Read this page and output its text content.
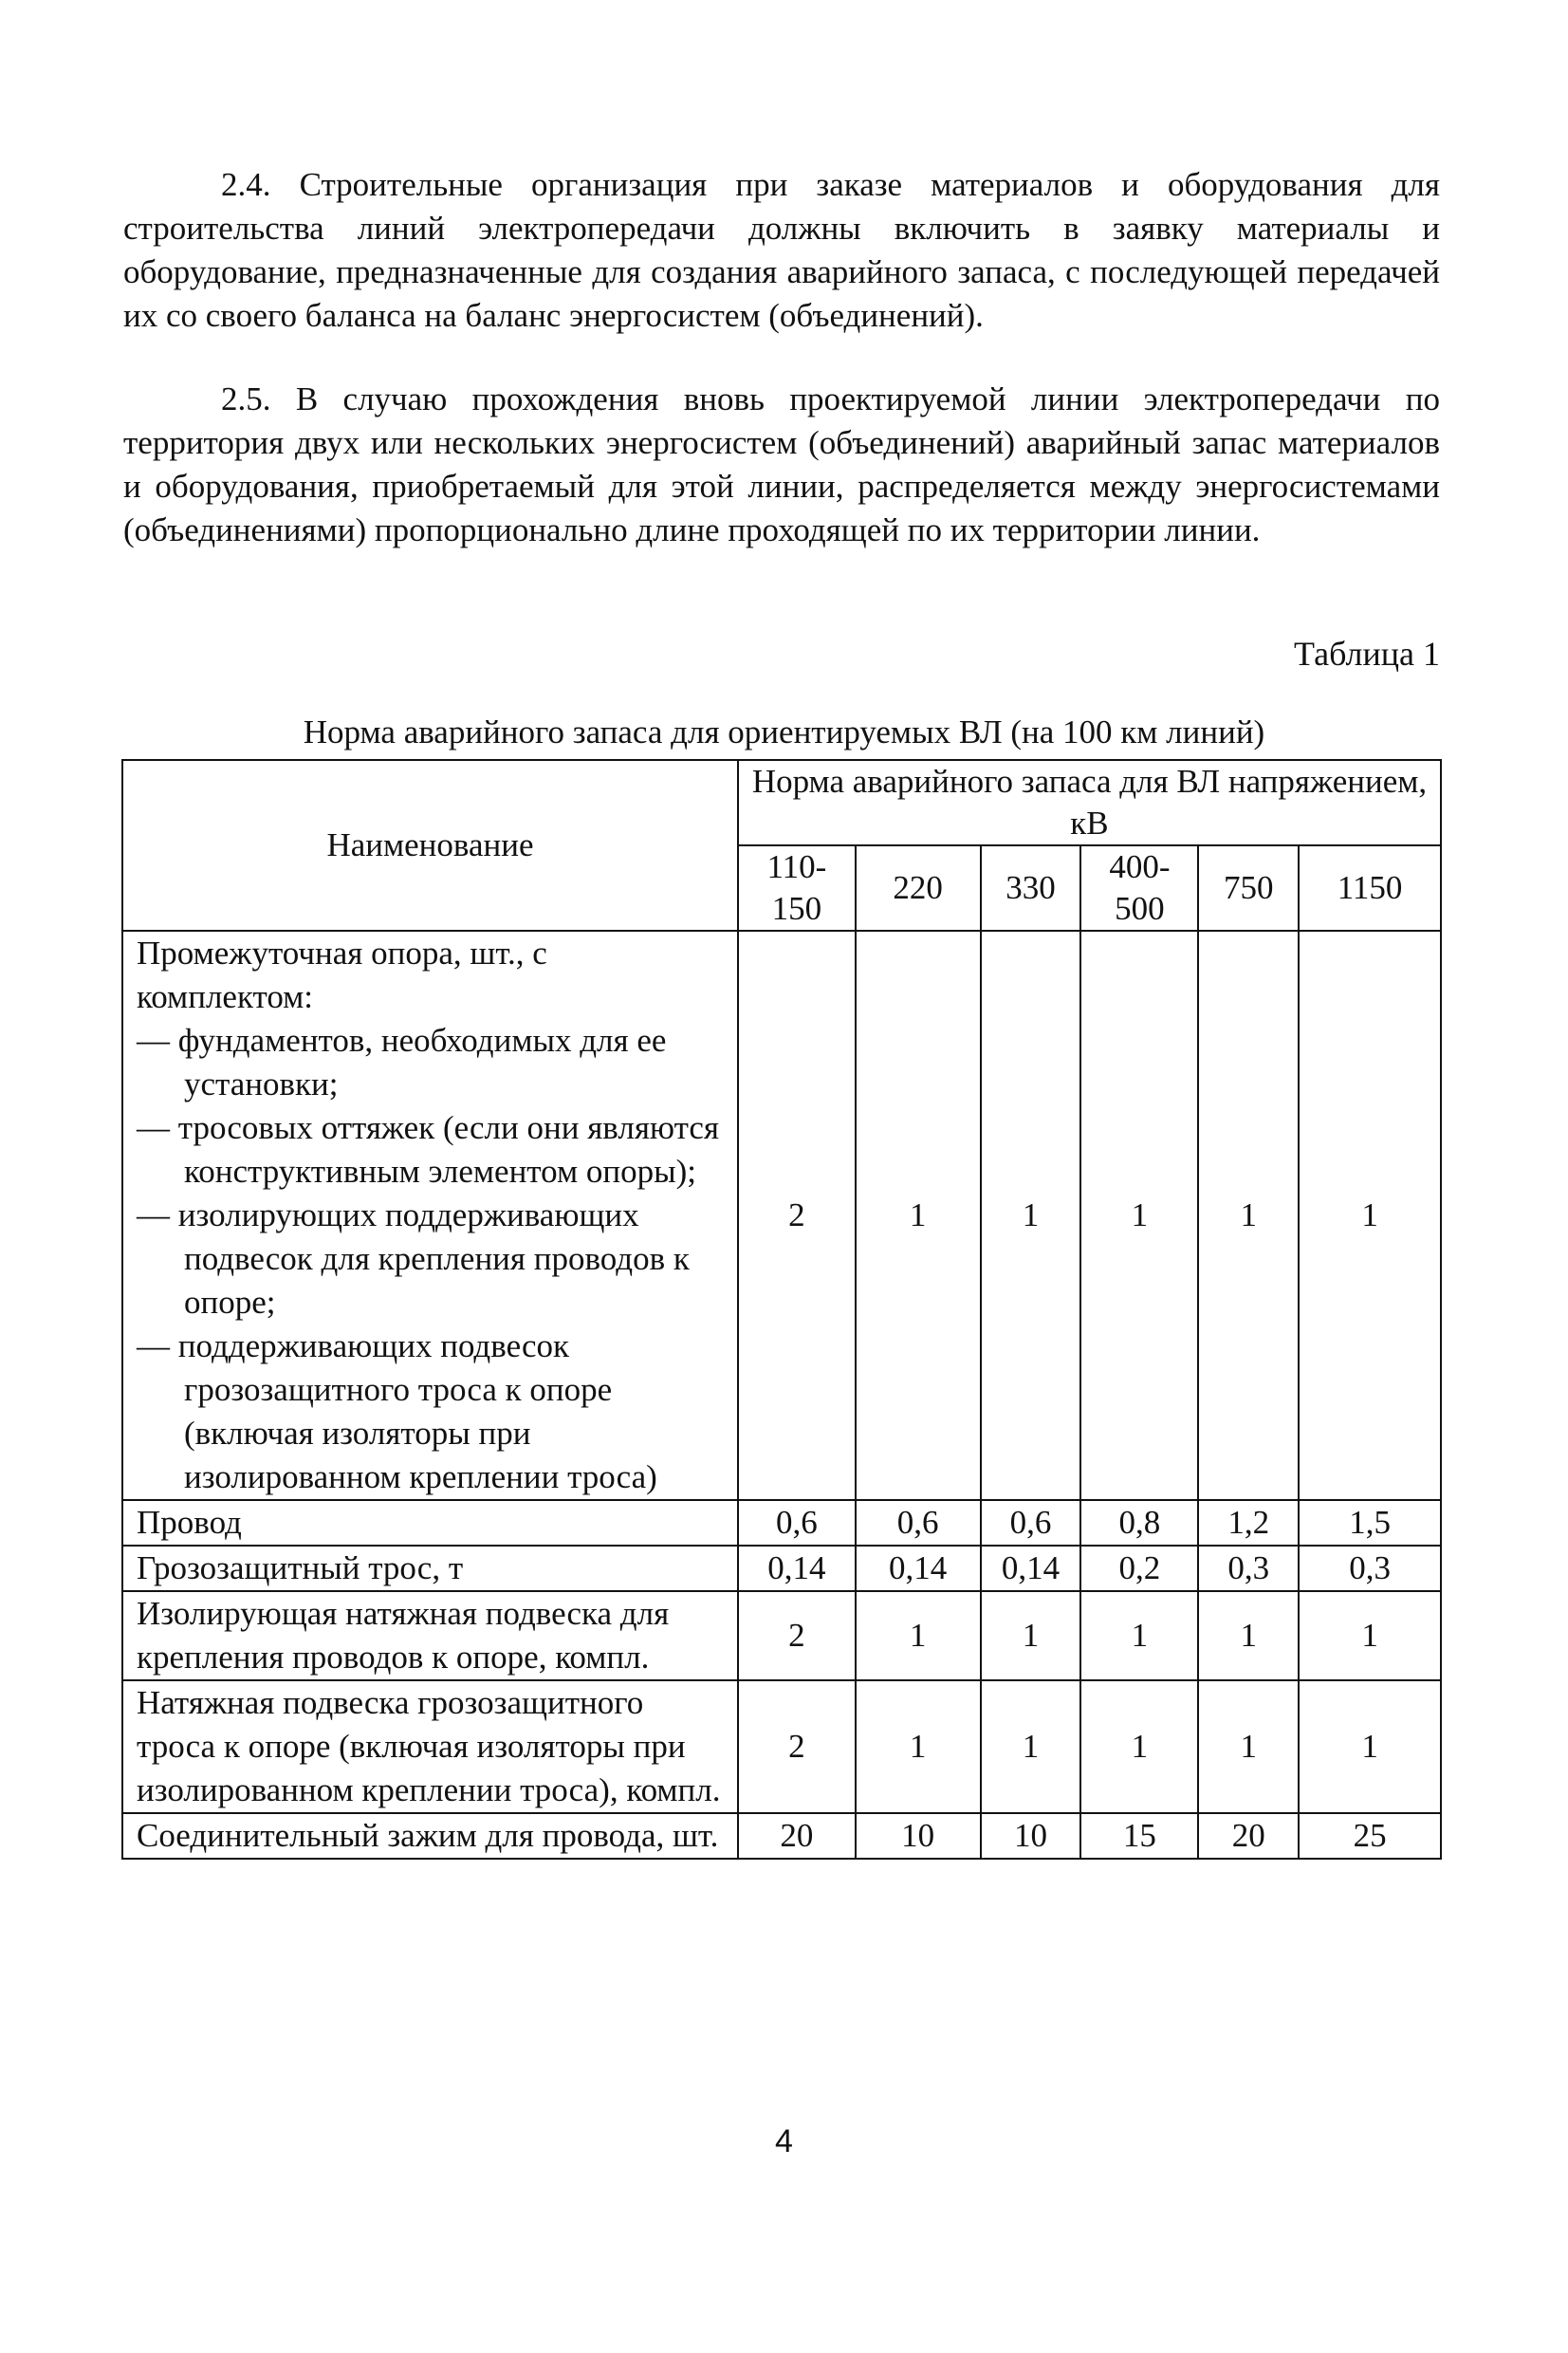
2.4. Строительные организация при заказе материалов и оборудования для строительства линий электропередачи должны включить в заявку материалы и оборудование, предназначенные для создания аварийного запаса, с последующей передачей их со своего баланса на баланс энергосистем (объединений).

2.5. В случаю прохождения вновь проектируемой линии электропередачи по территория двух или нескольких энергосистем (объединений) аварийный запас материалов и оборудования, приобретаемый для этой линии, распределяется между энергосистемами (объединениями) пропорционально длине проходящей по их территории линии.

Таблица 1
Норма аварийного запаса для ориентируемых ВЛ (на 100 км линий)
Наименование	Норма аварийного запаса для ВЛ напряжением, кВ					
	110-150	220	330	400-500	750	1150

Промежуточная опора, шт., с комплектом:
— фундаментов, необходимых для ее установки;
— тросовых оттяжек (если они являются конструктивным элементом опоры);
— изолирующих поддерживающих подвесок для крепления проводов к опоре;
— поддерживающих подвесок грозозащитного троса к опоре (включая изоляторы при изолированном креплении троса)	2	1	1	1	1	1
Провод	0,6	0,6	0,6	0,8	1,2	1,5
Грозозащитный трос, т	0,14	0,14	0,14	0,2	0,3	0,3
Изолирующая натяжная подвеска для крепления проводов к опоре, компл.	2	1	1	1	1	1
Натяжная подвеска грозозащитного троса к опоре (включая изоляторы при изолированном креплении троса), компл.	2	1	1	1	1	1
Соединительный зажим для провода, шт.	20	10	10	15	20	25
4
